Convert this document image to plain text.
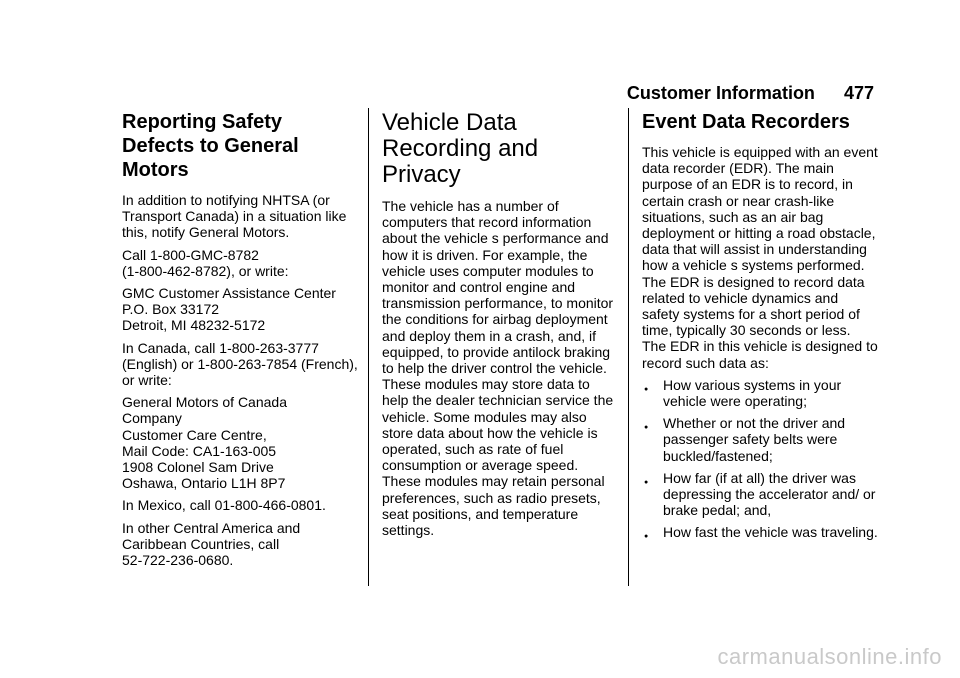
Customer Information 477
Reporting Safety Defects to General Motors

In addition to notifying NHTSA (or Transport Canada) in a situation like this, notify General Motors.

Call 1-800-GMC-8782
(1-800-462-8782), or write:

GMC Customer Assistance Center
P.O. Box 33172
Detroit, MI 48232-5172

In Canada, call 1-800-263-3777 (English) or 1-800-263-7854 (French), or write:

General Motors of Canada
Company
Customer Care Centre,
Mail Code: CA1-163-005
1908 Colonel Sam Drive
Oshawa, Ontario L1H 8P7

In Mexico, call 01-800-466-0801.

In other Central America and Caribbean Countries, call
52-722-236-0680.

Vehicle Data Recording and Privacy

The vehicle has a number of computers that record information about the vehicle s performance and how it is driven. For example, the vehicle uses computer modules to monitor and control engine and transmission performance, to monitor the conditions for airbag deployment and deploy them in a crash, and, if equipped, to provide antilock braking to help the driver control the vehicle. These modules may store data to help the dealer technician service the vehicle. Some modules may also store data about how the vehicle is operated, such as rate of fuel consumption or average speed. These modules may retain personal preferences, such as radio presets, seat positions, and temperature settings.

Event Data Recorders

This vehicle is equipped with an event data recorder (EDR). The main purpose of an EDR is to record, in certain crash or near crash-like situations, such as an air bag deployment or hitting a road obstacle, data that will assist in understanding how a vehicle s systems performed. The EDR is designed to record data related to vehicle dynamics and safety systems for a short period of time, typically 30 seconds or less. The EDR in this vehicle is designed to record such data as:

● How various systems in your vehicle were operating;
● Whether or not the driver and passenger safety belts were buckled/fastened;
● How far (if at all) the driver was depressing the accelerator and/ or brake pedal; and,
● How fast the vehicle was traveling.
carmanualsonline.info
